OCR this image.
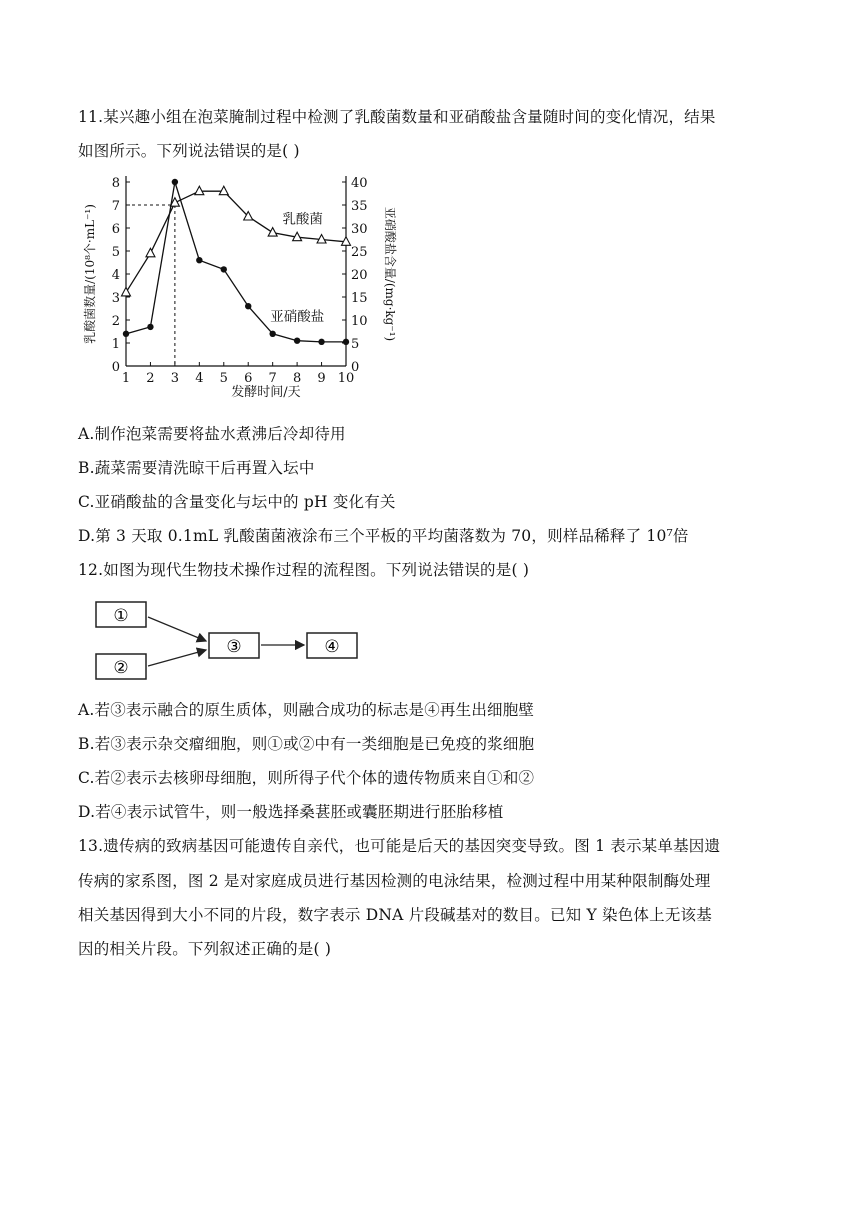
11.某兴趣小组在泡菜腌制过程中检测了乳酸菌数量和亚硝酸盐含量随时间的变化情况，结果
如图所示。下列说法错误的是( )
0
1
2
3
4
5
6
7
8
0
5
10
15
20
25
30
35
40
1 2 3 4 5 6 7 8 9 10
发酵时间/天
乳酸菌数量/(10⁸个·mL⁻¹)	亚硝酸盐含量/(mg·kg⁻¹)
乳酸菌
亚硝酸盐
A.制作泡菜需要将盐水煮沸后冷却待用
B.蔬菜需要清洗晾干后再置入坛中
C.亚硝酸盐的含量变化与坛中的 pH 变化有关
D.第 3 天取 0.1mL 乳酸菌菌液涂布三个平板的平均菌落数为 70，则样品稀释了 10⁷倍
12.如图为现代生物技术操作过程的流程图。下列说法错误的是( )
①
②
③	④
A.若③表示融合的原生质体，则融合成功的标志是④再生出细胞壁
B.若③表示杂交瘤细胞，则①或②中有一类细胞是已免疫的浆细胞
C.若②表示去核卵母细胞，则所得子代个体的遗传物质来自①和②
D.若④表示试管牛，则一般选择桑葚胚或囊胚期进行胚胎移植
13.遗传病的致病基因可能遗传自亲代，也可能是后天的基因突变导致。图 1 表示某单基因遗
传病的家系图，图 2 是对家庭成员进行基因检测的电泳结果，检测过程中用某种限制酶处理
相关基因得到大小不同的片段，数字表示 DNA 片段碱基对的数目。已知 Y 染色体上无该基
因的相关片段。下列叙述正确的是( )
